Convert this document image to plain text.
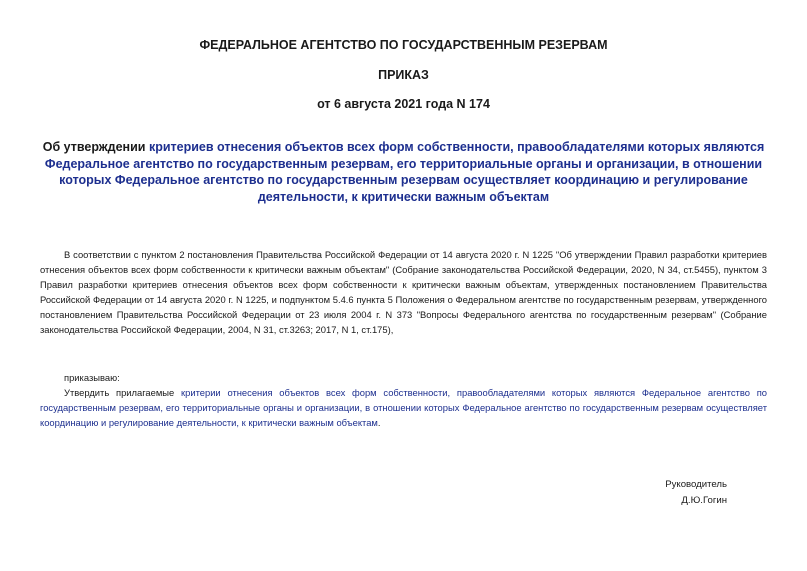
ФЕДЕРАЛЬНОЕ АГЕНТСТВО ПО ГОСУДАРСТВЕННЫМ РЕЗЕРВАМ
ПРИКАЗ
от 6 августа 2021 года N 174
Об утверждении критериев отнесения объектов всех форм собственности, правообладателями которых являются Федеральное агентство по государственным резервам, его территориальные органы и организации, в отношении которых Федеральное агентство по государственным резервам осуществляет координацию и регулирование деятельности, к критически важным объектам
В соответствии с пунктом 2 постановления Правительства Российской Федерации от 14 августа 2020 г. N 1225 "Об утверждении Правил разработки критериев отнесения объектов всех форм собственности к критически важным объектам" (Собрание законодательства Российской Федерации, 2020, N 34, ст.5455), пунктом 3 Правил разработки критериев отнесения объектов всех форм собственности к критически важным объектам, утвержденных постановлением Правительства Российской Федерации от 14 августа 2020 г. N 1225, и подпунктом 5.4.6 пункта 5 Положения о Федеральном агентстве по государственным резервам, утвержденного постановлением Правительства Российской Федерации от 23 июля 2004 г. N 373 "Вопросы Федерального агентства по государственным резервам" (Собрание законодательства Российской Федерации, 2004, N 31, ст.3263; 2017, N 1, ст.175),
приказываю:
Утвердить прилагаемые критерии отнесения объектов всех форм собственности, правообладателями которых являются Федеральное агентство по государственным резервам, его территориальные органы и организации, в отношении которых Федеральное агентство по государственным резервам осуществляет координацию и регулирование деятельности, к критически важным объектам.
Руководитель
Д.Ю.Гогин
